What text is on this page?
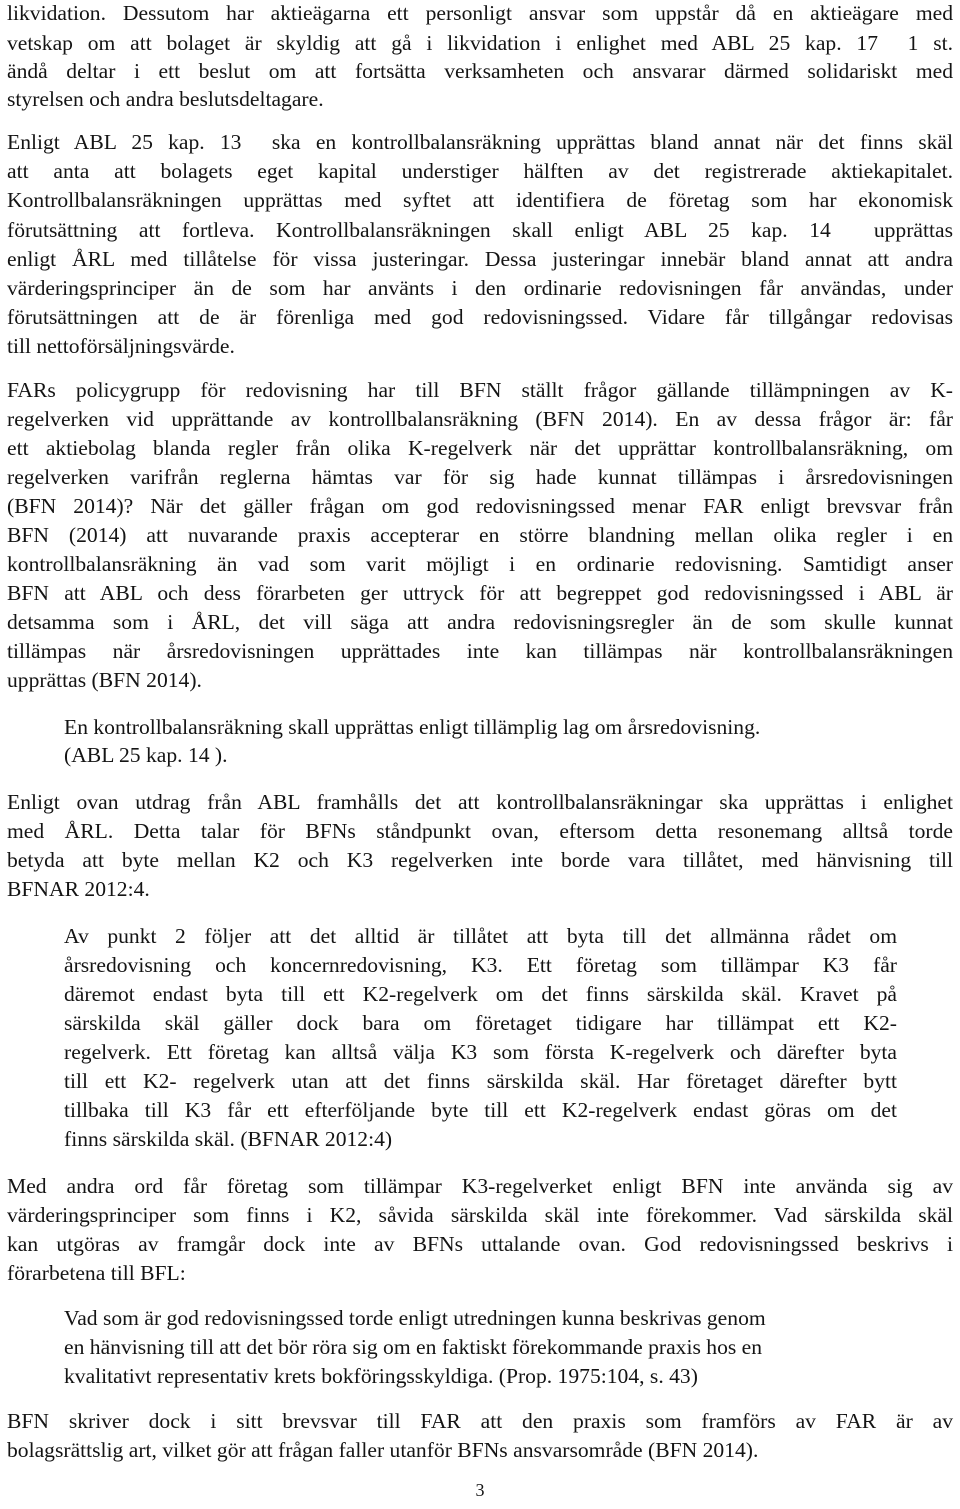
likvidation. Dessutom har aktieägarna ett personligt ansvar som uppstår då en aktieägare med
vetskap om att bolaget är skyldig att gå i likvidation i enlighet med ABL 25 kap. 17  1 st.
ändå deltar i ett beslut om att fortsätta verksamheten och ansvarar därmed solidariskt med
styrelsen och andra beslutsdeltagare.
Enligt ABL 25 kap. 13  ska en kontrollbalansräkning upprättas bland annat när det finns skäl
att anta att bolagets eget kapital understiger hälften av det registrerade aktiekapitalet.
Kontrollbalansräkningen upprättas med syftet att identifiera de företag som har ekonomisk
förutsättning att fortleva. Kontrollbalansräkningen skall enligt ABL 25 kap. 14  upprättas
enligt ÅRL med tillåtelse för vissa justeringar. Dessa justeringar innebär bland annat att andra
värderingsprinciper än de som har använts i den ordinarie redovisningen får användas, under
förutsättningen att de är förenliga med god redovisningssed. Vidare får tillgångar redovisas
till nettoförsäljningsvärde.
FARs policygrupp för redovisning har till BFN ställt frågor gällande tillämpningen av K-
regelverken vid upprättande av kontrollbalansräkning (BFN 2014). En av dessa frågor är: får
ett aktiebolag blanda regler från olika K-regelverk när det upprättar kontrollbalansräkning, om
regelverken varifrån reglerna hämtas var för sig hade kunnat tillämpas i årsredovisningen
(BFN 2014)? När det gäller frågan om god redovisningssed menar FAR enligt brevsvar från
BFN (2014) att nuvarande praxis accepterar en större blandning mellan olika regler i en
kontrollbalansräkning än vad som varit möjligt i en ordinarie redovisning. Samtidigt anser
BFN att ABL och dess förarbeten ger uttryck för att begreppet god redovisningssed i ABL är
detsamma som i ÅRL, det vill säga att andra redovisningsregler än de som skulle kunnat
tillämpas när årsredovisningen upprättades inte kan tillämpas när kontrollbalansräkningen
upprättas (BFN 2014).
En kontrollbalansräkning skall upprättas enligt tillämplig lag om årsredovisning.
(ABL 25 kap. 14 ).
Enligt ovan utdrag från ABL framhålls det att kontrollbalansräkningar ska upprättas i enlighet
med ÅRL. Detta talar för BFNs ståndpunkt ovan, eftersom detta resonemang alltså torde
betyda att byte mellan K2 och K3 regelverken inte borde vara tillåtet, med hänvisning till
BFNAR 2012:4.
Av punkt 2 följer att det alltid är tillåtet att byta till det allmänna rådet om
årsredovisning och koncernredovisning, K3. Ett företag som tillämpar K3 får
däremot endast byta till ett K2-regelverk om det finns särskilda skäl. Kravet på
särskilda skäl gäller dock bara om företaget tidigare har tillämpat ett K2-
regelverk. Ett företag kan alltså välja K3 som första K-regelverk och därefter byta
till ett K2- regelverk utan att det finns särskilda skäl. Har företaget därefter bytt
tillbaka till K3 får ett efterföljande byte till ett K2-regelverk endast göras om det
finns särskilda skäl. (BFNAR 2012:4)
Med andra ord får företag som tillämpar K3-regelverket enligt BFN inte använda sig av
värderingsprinciper som finns i K2, såvida särskilda skäl inte förekommer. Vad särskilda skäl
kan utgöras av framgår dock inte av BFNs uttalande ovan. God redovisningssed beskrivs i
förarbetena till BFL:
Vad som är god redovisningssed torde enligt utredningen kunna beskrivas genom
en hänvisning till att det bör röra sig om en faktiskt förekommande praxis hos en
kvalitativt representativ krets bokföringsskyldiga. (Prop. 1975:104, s. 43)
BFN skriver dock i sitt brevsvar till FAR att den praxis som framförs av FAR är av
bolagsrättslig art, vilket gör att frågan faller utanför BFNs ansvarsområde (BFN 2014).
3
